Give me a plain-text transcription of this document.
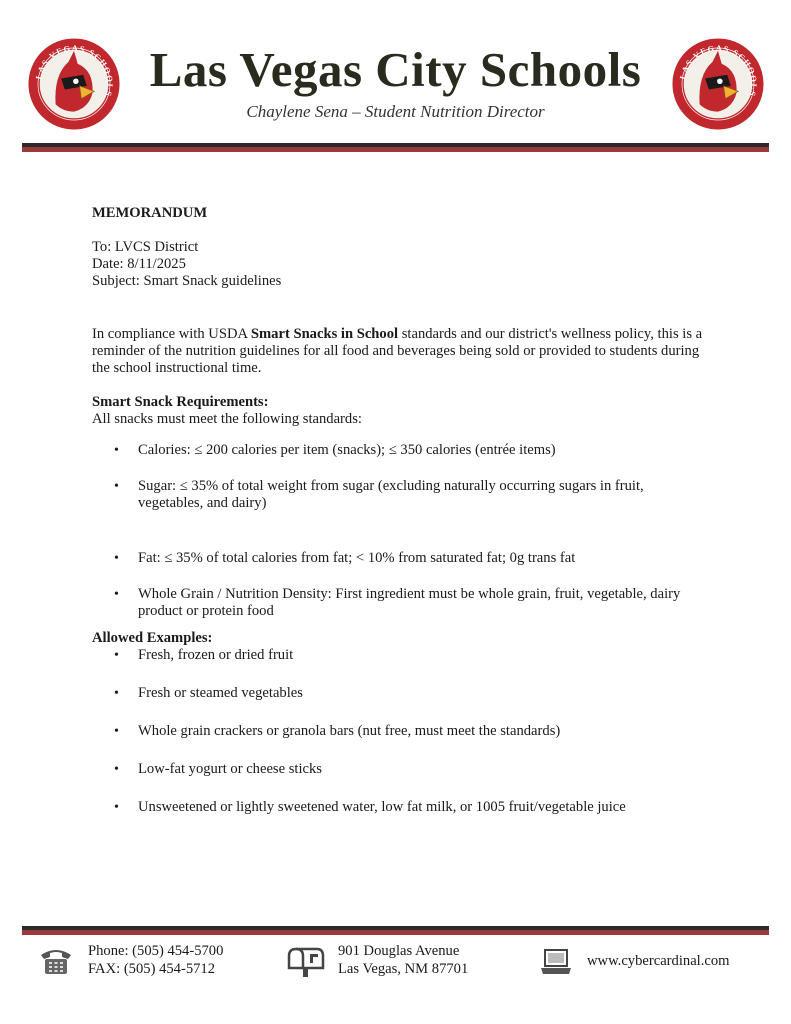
LAS VEGAS SCHOOLS
LAS VEGAS SCHOOLS
Las Vegas City Schools
Chaylene Sena – Student Nutrition Director
MEMORANDUM
To: LVCS District
Date: 8/11/2025
Subject: Smart Snack guidelines

In compliance with USDA Smart Snacks in School standards and our district's wellness policy, this is a reminder of the nutrition guidelines for all food and beverages being sold or provided to students during the school instructional time.

Smart Snack Requirements:
All snacks must meet the following standards:
• Calories: ≤ 200 calories per item (snacks); ≤ 350 calories (entrée items)
• Sugar: ≤ 35% of total weight from sugar (excluding naturally occurring sugars in fruit, vegetables, and dairy)
• Fat: ≤ 35% of total calories from fat; < 10% from saturated fat; 0g trans fat
• Whole Grain / Nutrition Density: First ingredient must be whole grain, fruit, vegetable, dairy product or protein food
Allowed Examples:
• Fresh, frozen or dried fruit
• Fresh or steamed vegetables
• Whole grain crackers or granola bars (nut free, must meet the standards)
• Low-fat yogurt or cheese sticks
• Unsweetened or lightly sweetened water, low fat milk, or 1005 fruit/vegetable juice
Phone: (505) 454-5700
FAX: (505) 454-5712
901 Douglas Avenue
Las Vegas, NM 87701	www.cybercardinal.com
